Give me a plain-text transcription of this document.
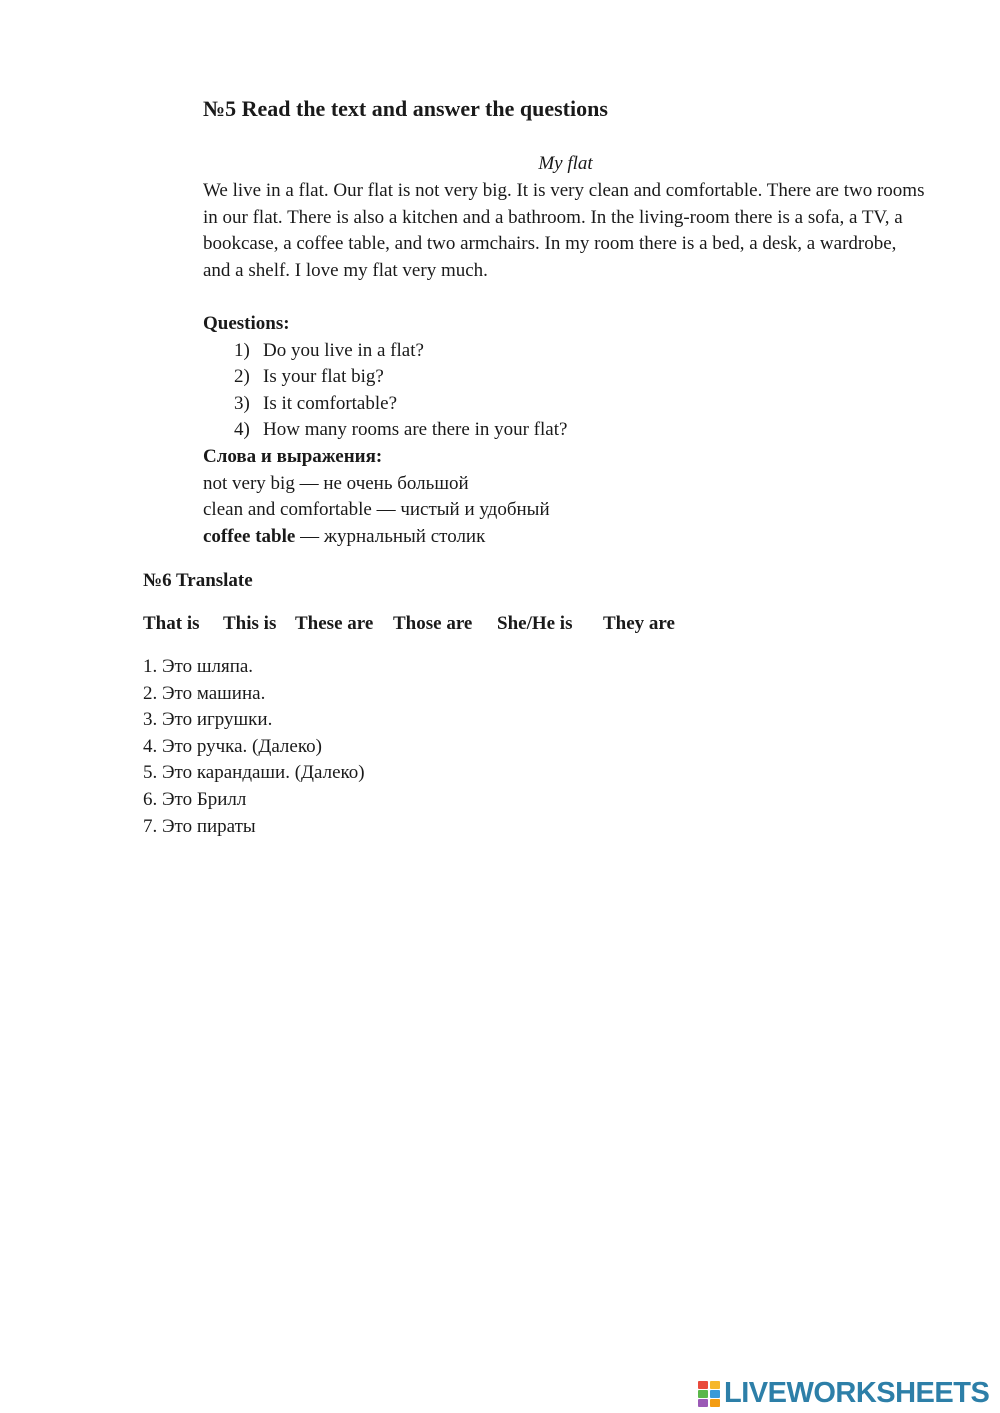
№5 Read the text and answer the questions

My flat

We live in a flat. Our flat is not very big. It is very clean and comfortable. There are two rooms in our flat. There is also a kitchen and a bathroom. In the living-room there is a sofa, a TV, a bookcase, a coffee table, and two armchairs. In my room there is a bed, a desk, a wardrobe, and a shelf. I love my flat very much.

Questions:

1) Do you live in a flat?
2) Is your flat big?
3) Is it comfortable?
4) How many rooms are there in your flat?

Слова и выражения:

not very big — не очень большой
clean and comfortable — чистый и удобный
coffee table — журнальный столик
№6 Translate
That is This is These are Those are She/He is They are
1. Это шляпа.
2. Это машина.
3. Это игрушки.
4. Это ручка. (Далеко)
5. Это карандаши. (Далеко)
6. Это Брилл
7. Это пираты
LIVEWORKSHEETS
